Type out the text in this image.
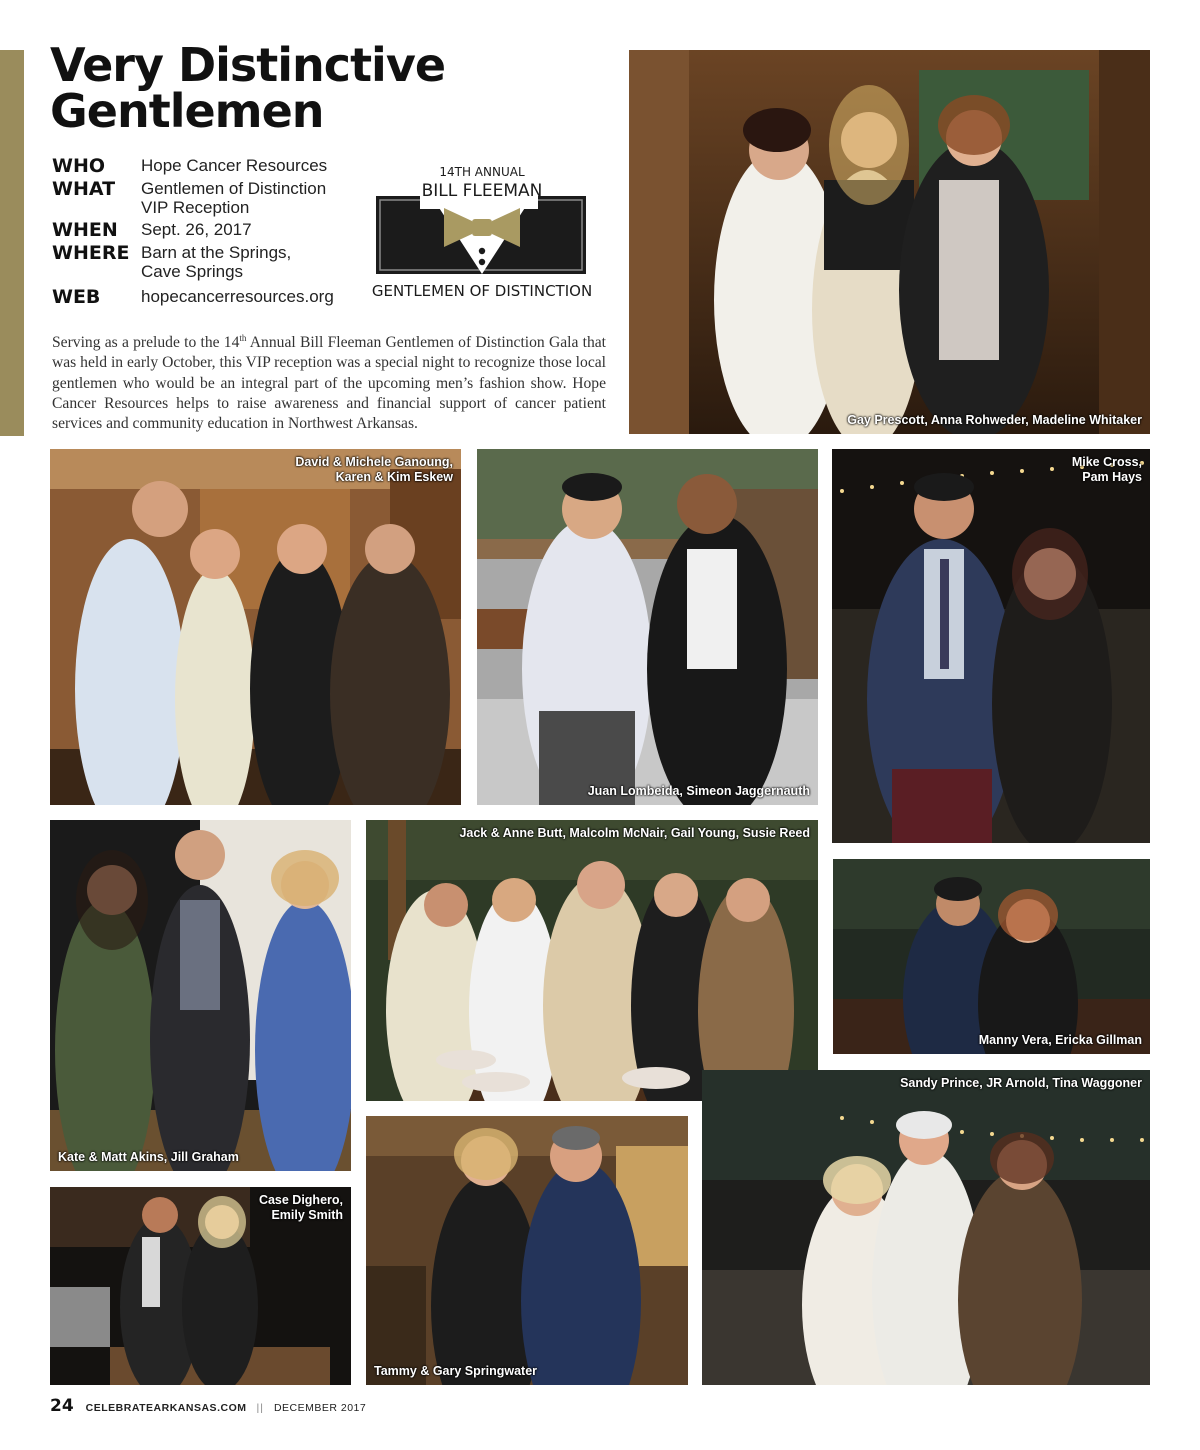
Very Distinctive
Gentlemen
WHO	Hope Cancer Resources
WHAT	Gentlemen of Distinction
VIP Reception
WHEN	Sept. 26, 2017
WHERE Barn at the Springs,
Cave Springs
WEB	hopecancerresources.org
14TH ANNUAL
BILL FLEEMAN
GENTLEMEN OF DISTINCTION

Serving as a prelude to the 14th Annual Bill Fleeman Gentlemen of Distinction Gala that was held in early October, this VIP reception was a special night to recognize those local gentlemen who would be an integral part of the upcoming men’s fashion show. Hope Cancer Resources helps to raise awareness and financial support of cancer patient services and community education in Northwest Arkansas.	Gay Prescott, Anna Rohweder, Madeline Whitaker
David & Michele Ganoung,
Karen & Kim Eskew
Juan Lombeida, Simeon Jaggernauth
Mike Cross,
Pam Hays
Kate & Matt Akins, Jill Graham
Jack & Anne Butt, Malcolm McNair, Gail Young, Susie Reed
Manny Vera, Ericka Gillman
Sandy Prince, JR Arnold, Tina Waggoner
Case Dighero,
Emily Smith
Tammy & Gary Springwater
24 CELEBRATEARKANSAS.COM || DECEMBER 2017
